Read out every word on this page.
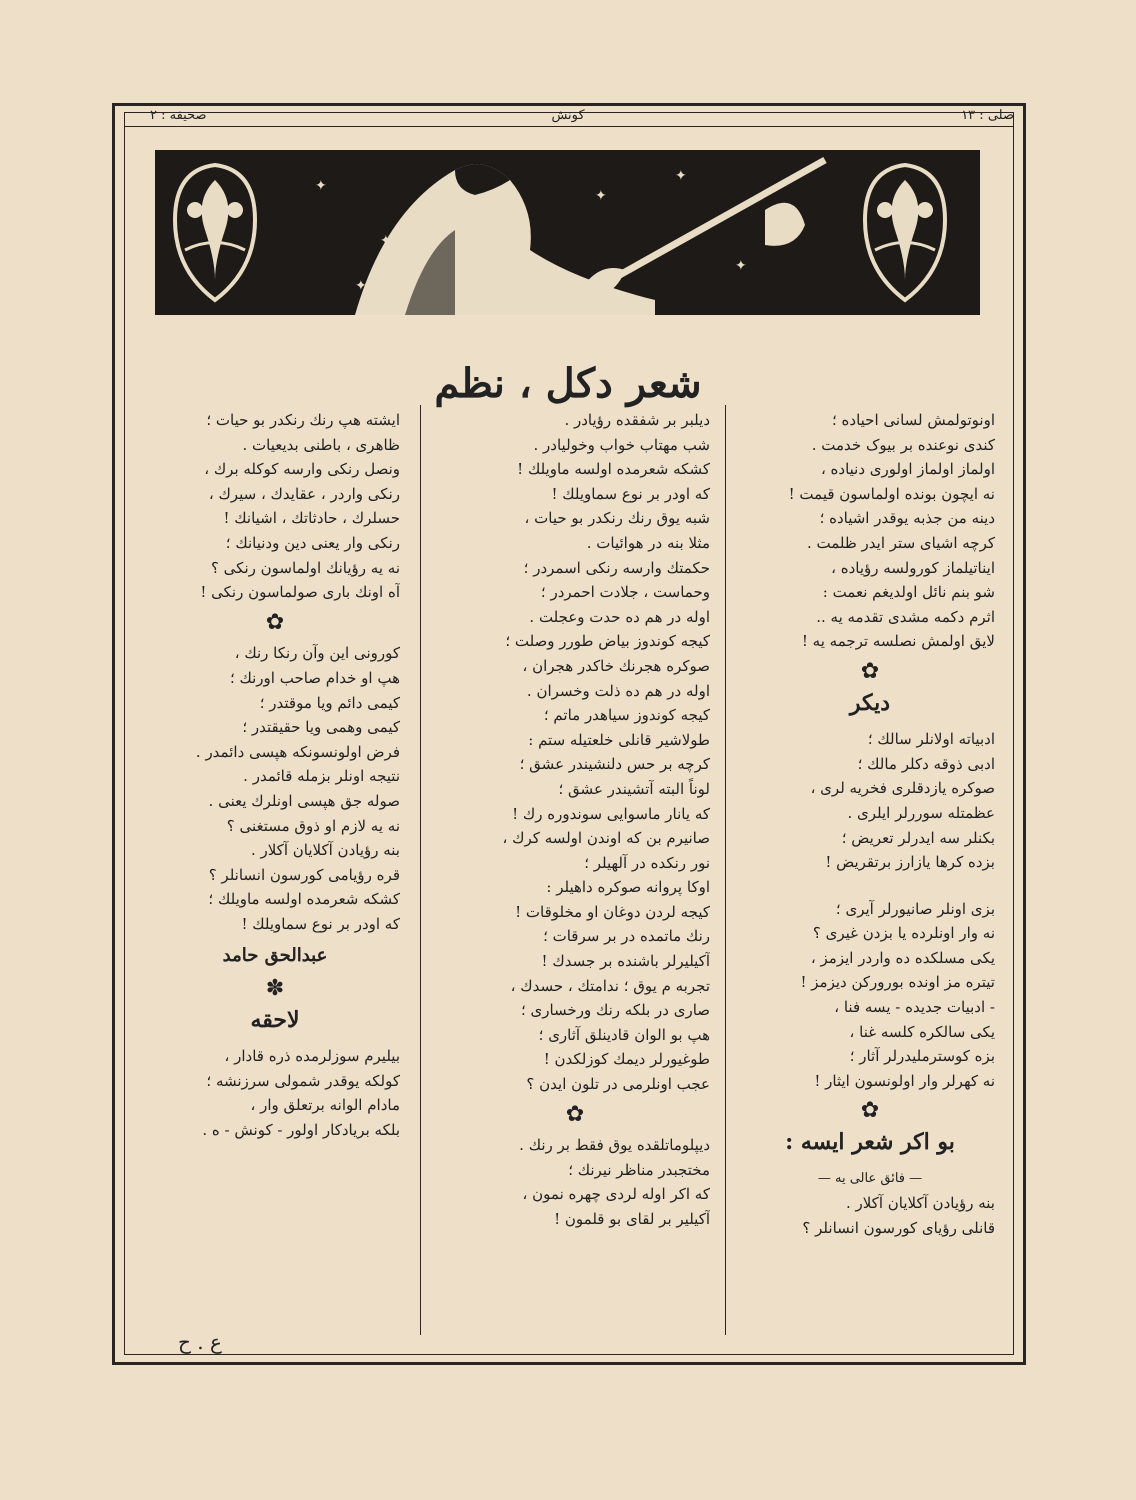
صلی : ۱۳
کونش
صحیفه : ۲
✦
✦
✦
✦
✦
✦
شعر دکل ، نظم
اونوتولمش لسانی احیاده ؛
کندی نوعنده بر بیوک خدمت .
اولماز اولماز اولوری دنیاده ،
نه ایچون بونده اولماسون قیمت !
دینه من جذبه یوقدر اشیاده ؛
کرچه اشیای ستر ایدر ظلمت .
ایناتیلماز کورولسه رؤیاده ،
شو بنم نائل اولدیغم نعمت :
اثرم دکمه مشدی تقدمه یه ..
لایق اولمش نصلسه ترجمه یه !
✿
دیکر
ادبیاته اولانلر سالك ؛
ادبی ذوقه دکلر مالك ؛
صوکره یازدقلری فخریه لری ،
عظمتله سوررلر ایلری .
بکنلر سه ایدرلر تعریض ؛
بزده کرها یازارز برتقریض !
بزی اونلر صانیورلر آیری ؛
نه وار اونلرده یا بزدن غیری ؟
یکی مسلکده ده واردر ایزمز ،
تیتره مز اونده بورورکن دیزمز !
- ادبیات جدیده - یسه فنا ،
یکی سالکره کلسه غنا ،
بزه کوسترملیدرلر آثار ؛
نه کهرلر وار اولونسون ایثار !
✿
بو اکر شعر ایسه :
— فائق عالی یه —
بنه رؤیادن آکلایان آکلار .
قانلی رؤیای کورسون انسانلر ؟
دیلبر بر شفقده رؤیادر .
شب مهتاب خواب وخولیادر .
کشکه شعرمده اولسه ماویلك !
که اودر بر نوع سماویلك !
شبه یوق رنك رنكدر بو حیات ،
مثلا بنه در هوائیات .
حکمتك وارسه رنکی اسمردر ؛
وحماست ، جلادت احمردر ؛
اوله در هم ده حدت وعجلت .
کیجه کوندوز بیاض طورر وصلت ؛
صوکره هجرنك خاکدر هجران ،
اوله در هم ده ذلت وخسران .
کیجه کوندوز سیاهدر ماتم ؛
طولاشیر قانلی خلعتیله ستم :
کرچه بر حس دلنشیندر عشق ؛
لوناً البته آتشیندر عشق ؛
که یانار ماسوایی سوندوره رك !
صانیرم بن که اوندن اولسه کرك ،
نور رنکده در آلهیلر ؛
اوکا پروانه صوکره داهیلر :
کیجه لردن دوغان او مخلوقات !
رنك ماتمده در بر سرقات ؛
آکیلیرلر باشنده بر جسدك !
تجربه م یوق ؛ ندامتك ، حسدك ،
صاری در بلکه رنك ورخساری ؛
هپ بو الوان قادینلق آثاری ؛
طوغیورلر دیمك کوزلکدن !
عجب اونلرمی در تلون ایدن ؟
✿
دیپلوماتلقده یوق فقط بر رنك .
مختجبدر مناظر نیرنك ؛
که اکر اوله لردی چهره نمون ،
آکیلیر بر لقای بو قلمون !
ایشته هپ رنك رنكدر بو حیات ؛
ظاهری ، باطنی بدیعیات .
ونصل رنکی وارسه کوکله برك ،
رنکی واردر ، عقایدك ، سیرك ،
حسلرك ، حادثاتك ، اشیانك !
رنکی وار یعنی دین ودنیانك ؛
نه یه رؤیانك اولماسون رنکی ؟
آه اونك باری صولماسون رنکی !
✿
کورونی این وآن رنکا رنك ،
هپ او خدام صاحب اورنك ؛
کیمی دائم ویا موقتدر ؛
کیمی وهمی ویا حقیقتدر ؛
فرض اولونسونکه هپسی دائمدر .
نتیجه اونلر بزمله قائمدر .
صوله جق هپسی اونلرك یعنی .
نه یه لازم او ذوق مستغنی ؟
بنه رؤیادن آکلایان آکلار .
قره رؤیامی کورسون انسانلر ؟
کشکه شعرمده اولسه ماویلك ؛
که اودر بر نوع سماویلك !
عبدالحق حامد
✽
لاحقه
بیلیرم سوزلرمده ذره قادار ،
کولکه یوقدر شمولی سرزنشه ؛
مادام الوانه برتعلق وار ،
بلکه بریادکار اولور - کونش - ه .
ع . ح
